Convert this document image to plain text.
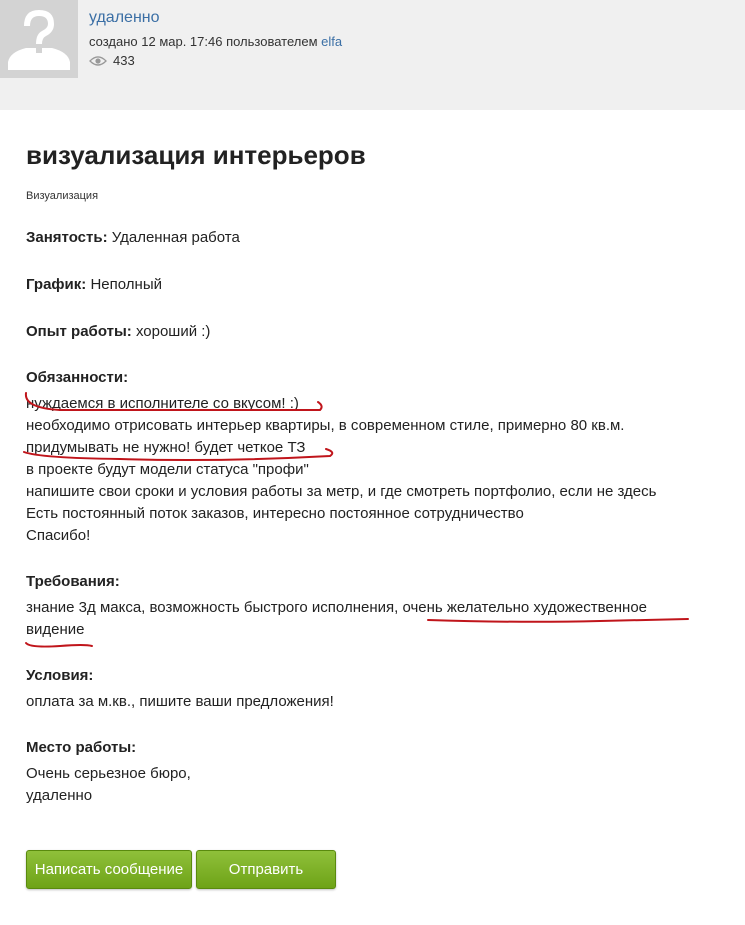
удаленно
создано 12 мар. 17:46 пользователем elfa
433
визуализация интерьеров
Визуализация
Занятость: Удаленная работа
График: Неполный
Опыт работы: хороший :)
Обязанности:
нуждаемся в исполнителе со вкусом! :)
необходимо отрисовать интерьер квартиры, в современном стиле, примерно 80 кв.м.
придумывать не нужно! будет четкое ТЗ
в проекте будут модели статуса "профи"
напишите свои сроки и условия работы за метр, и где смотреть портфолио, если не здесь
Есть постоянный поток заказов, интересно постоянное сотрудничество
Спасибо!
Требования:
знание 3д макса, возможность быстрого исполнения, очень желательно художественное
видение
Условия:
оплата за м.кв., пишите ваши предложения!
Место работы:
Очень серьезное бюро,
удаленно
Написать сообщение	Отправить
